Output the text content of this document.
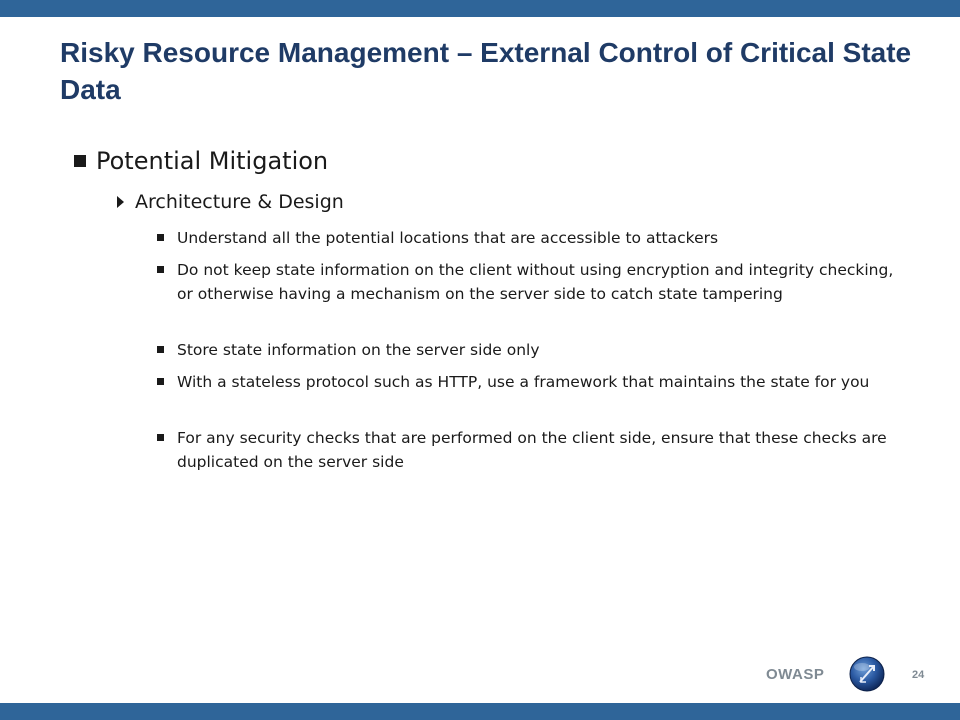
Risky Resource Management – External Control of Critical State Data
Potential Mitigation
Architecture & Design
Understand all the potential locations that are accessible to attackers
Do not keep state information on the client without using encryption and integrity checking, or otherwise having a mechanism on the server side to catch state tampering
Store state information on the server side only
With a stateless protocol such as HTTP, use a framework that maintains the state for you
For any security checks that are performed on the client side, ensure that these checks are duplicated on the server side
OWASP	24
